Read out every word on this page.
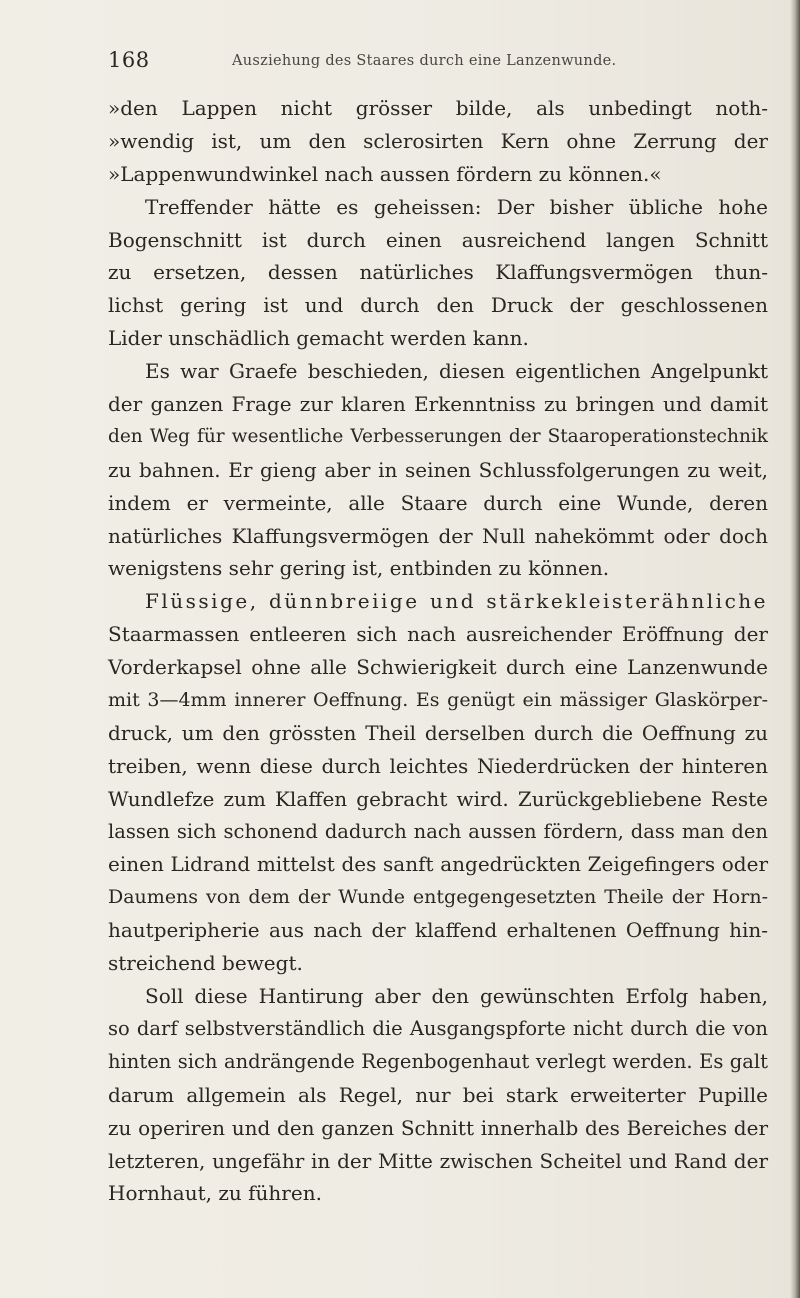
168	Ausziehung des Staares durch eine Lanzenwunde.
»den Lappen nicht grösser bilde, als unbedingt noth-
»wendig ist, um den sclerosirten Kern ohne Zerrung der
»Lappenwundwinkel nach aussen fördern zu können.«
Treffender hätte es geheissen: Der bisher übliche hohe
Bogenschnitt ist durch einen ausreichend langen Schnitt
zu ersetzen, dessen natürliches Klaffungsvermögen thun-
lichst gering ist und durch den Druck der geschlossenen
Lider unschädlich gemacht werden kann.
Es war Graefe beschieden, diesen eigentlichen Angelpunkt
der ganzen Frage zur klaren Erkenntniss zu bringen und damit
den Weg für wesentliche Verbesserungen der Staaroperationstechnik
zu bahnen. Er gieng aber in seinen Schlussfolgerungen zu weit,
indem er vermeinte, alle Staare durch eine Wunde, deren
natürliches Klaffungsvermögen der Null nahekömmt oder doch
wenigstens sehr gering ist, entbinden zu können.
Flüssige, dünnbreiige und stärkekleisterähnliche
Staarmassen entleeren sich nach ausreichender Eröffnung der
Vorderkapsel ohne alle Schwierigkeit durch eine Lanzenwunde
mit 3—4mm innerer Oeffnung. Es genügt ein mässiger Glaskörper-
druck, um den grössten Theil derselben durch die Oeffnung zu
treiben, wenn diese durch leichtes Niederdrücken der hinteren
Wundlefze zum Klaffen gebracht wird. Zurückgebliebene Reste
lassen sich schonend dadurch nach aussen fördern, dass man den
einen Lidrand mittelst des sanft angedrückten Zeigefingers oder
Daumens von dem der Wunde entgegengesetzten Theile der Horn-
hautperipherie aus nach der klaffend erhaltenen Oeffnung hin-
streichend bewegt.
Soll diese Hantirung aber den gewünschten Erfolg haben,
so darf selbstverständlich die Ausgangspforte nicht durch die von
hinten sich andrängende Regenbogenhaut verlegt werden. Es galt
darum allgemein als Regel, nur bei stark erweiterter Pupille
zu operiren und den ganzen Schnitt innerhalb des Bereiches der
letzteren, ungefähr in der Mitte zwischen Scheitel und Rand der
Hornhaut, zu führen.
